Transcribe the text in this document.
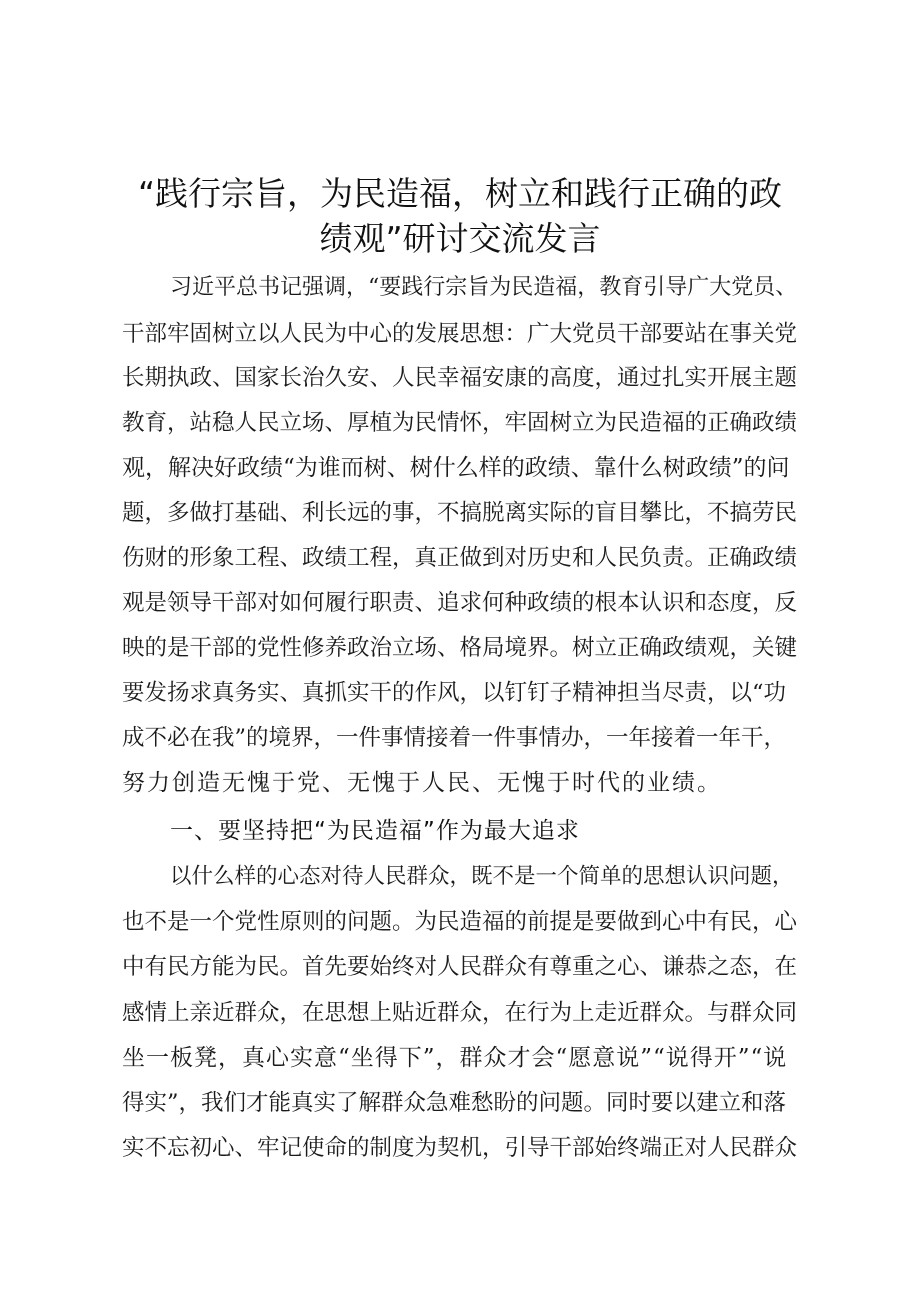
“践行宗旨，为民造福，树立和践行正确的政
绩观”研讨交流发言
习近平总书记强调，“要践行宗旨为民造福，教育引导广大党员、
干部牢固树立以人民为中心的发展思想：广大党员干部要站在事关党
长期执政、国家长治久安、人民幸福安康的高度，通过扎实开展主题
教育，站稳人民立场、厚植为民情怀，牢固树立为民造福的正确政绩
观，解决好政绩“为谁而树、树什么样的政绩、靠什么树政绩”的问
题，多做打基础、利长远的事，不搞脱离实际的盲目攀比，不搞劳民
伤财的形象工程、政绩工程，真正做到对历史和人民负责。正确政绩
观是领导干部对如何履行职责、追求何种政绩的根本认识和态度，反
映的是干部的党性修养政治立场、格局境界。树立正确政绩观，关键
要发扬求真务实、真抓实干的作风，以钉钉子精神担当尽责，以“功
成不必在我”的境界，一件事情接着一件事情办，一年接着一年干，
努力创造无愧于党、无愧于人民、无愧于时代的业绩。
一、要坚持把“为民造福”作为最大追求
以什么样的心态对待人民群众，既不是一个简单的思想认识问题，
也不是一个党性原则的问题。为民造福的前提是要做到心中有民，心
中有民方能为民。首先要始终对人民群众有尊重之心、谦恭之态，在
感情上亲近群众，在思想上贴近群众，在行为上走近群众。与群众同
坐一板凳，真心实意“坐得下”，群众才会“愿意说”“说得开”“说
得实”，我们才能真实了解群众急难愁盼的问题。同时要以建立和落
实不忘初心、牢记使命的制度为契机，引导干部始终端正对人民群众
